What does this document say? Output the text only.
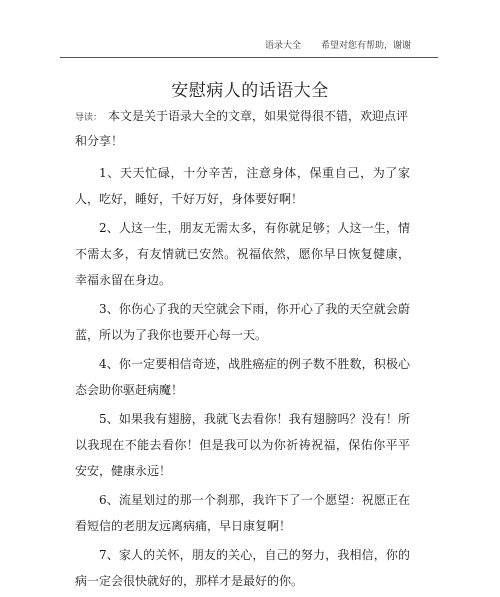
语录大全 希望对您有帮助，谢谢
安慰病人的话语大全

导读： 本文是关于语录大全的文章，如果觉得很不错，欢迎点评和分享！

1、天天忙碌，十分辛苦，注意身体，保重自己，为了家人，吃好，睡好，千好万好，身体要好啊！

2、人这一生，朋友无需太多，有你就足够；人这一生，情不需太多，有友情就已安然。祝福依然，愿你早日恢复健康，幸福永留在身边。

3、你伤心了我的天空就会下雨，你开心了我的天空就会蔚蓝，所以为了我你也要开心每一天。

4、你一定要相信奇迹，战胜癌症的例子数不胜数，积极心态会助你驱赶病魔！

5、如果我有翅膀，我就飞去看你！我有翅膀吗？没有！所以我现在不能去看你！但是我可以为你祈祷祝福，保佑你平平安安，健康永远！

6、流星划过的那一个刹那，我许下了一个愿望：祝愿正在看短信的老朋友远离病痛，早日康复啊！

7、家人的关怀，朋友的关心，自己的努力，我相信，你的病一定会很快就好的，那样才是最好的你。
